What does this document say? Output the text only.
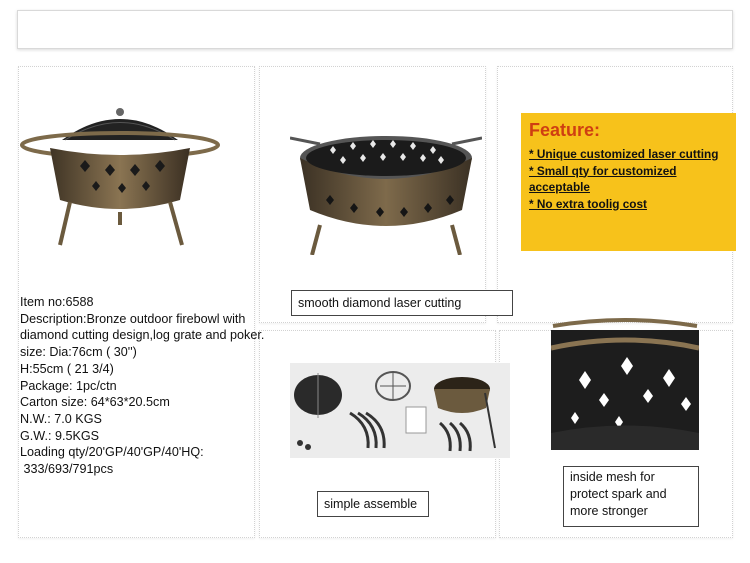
Item no:6588
Description:Bronze outdoor firebowl with
diamond cutting design,log grate and poker.
size: Dia:76cm ( 30'')
H:55cm ( 21 3/4)
Package: 1pc/ctn
Carton size: 64*63*20.5cm
N.W.: 7.0 KGS
G.W.: 9.5KGS
Loading qty/20'GP/40'GP/40'HQ:
333/693/791pcs
smooth diamond laser cutting
Feature:
* Unique customized laser cutting
* Small qty for customized
acceptable
* No extra toolig cost
simple assemble
inside mesh for
protect spark and
more stronger
